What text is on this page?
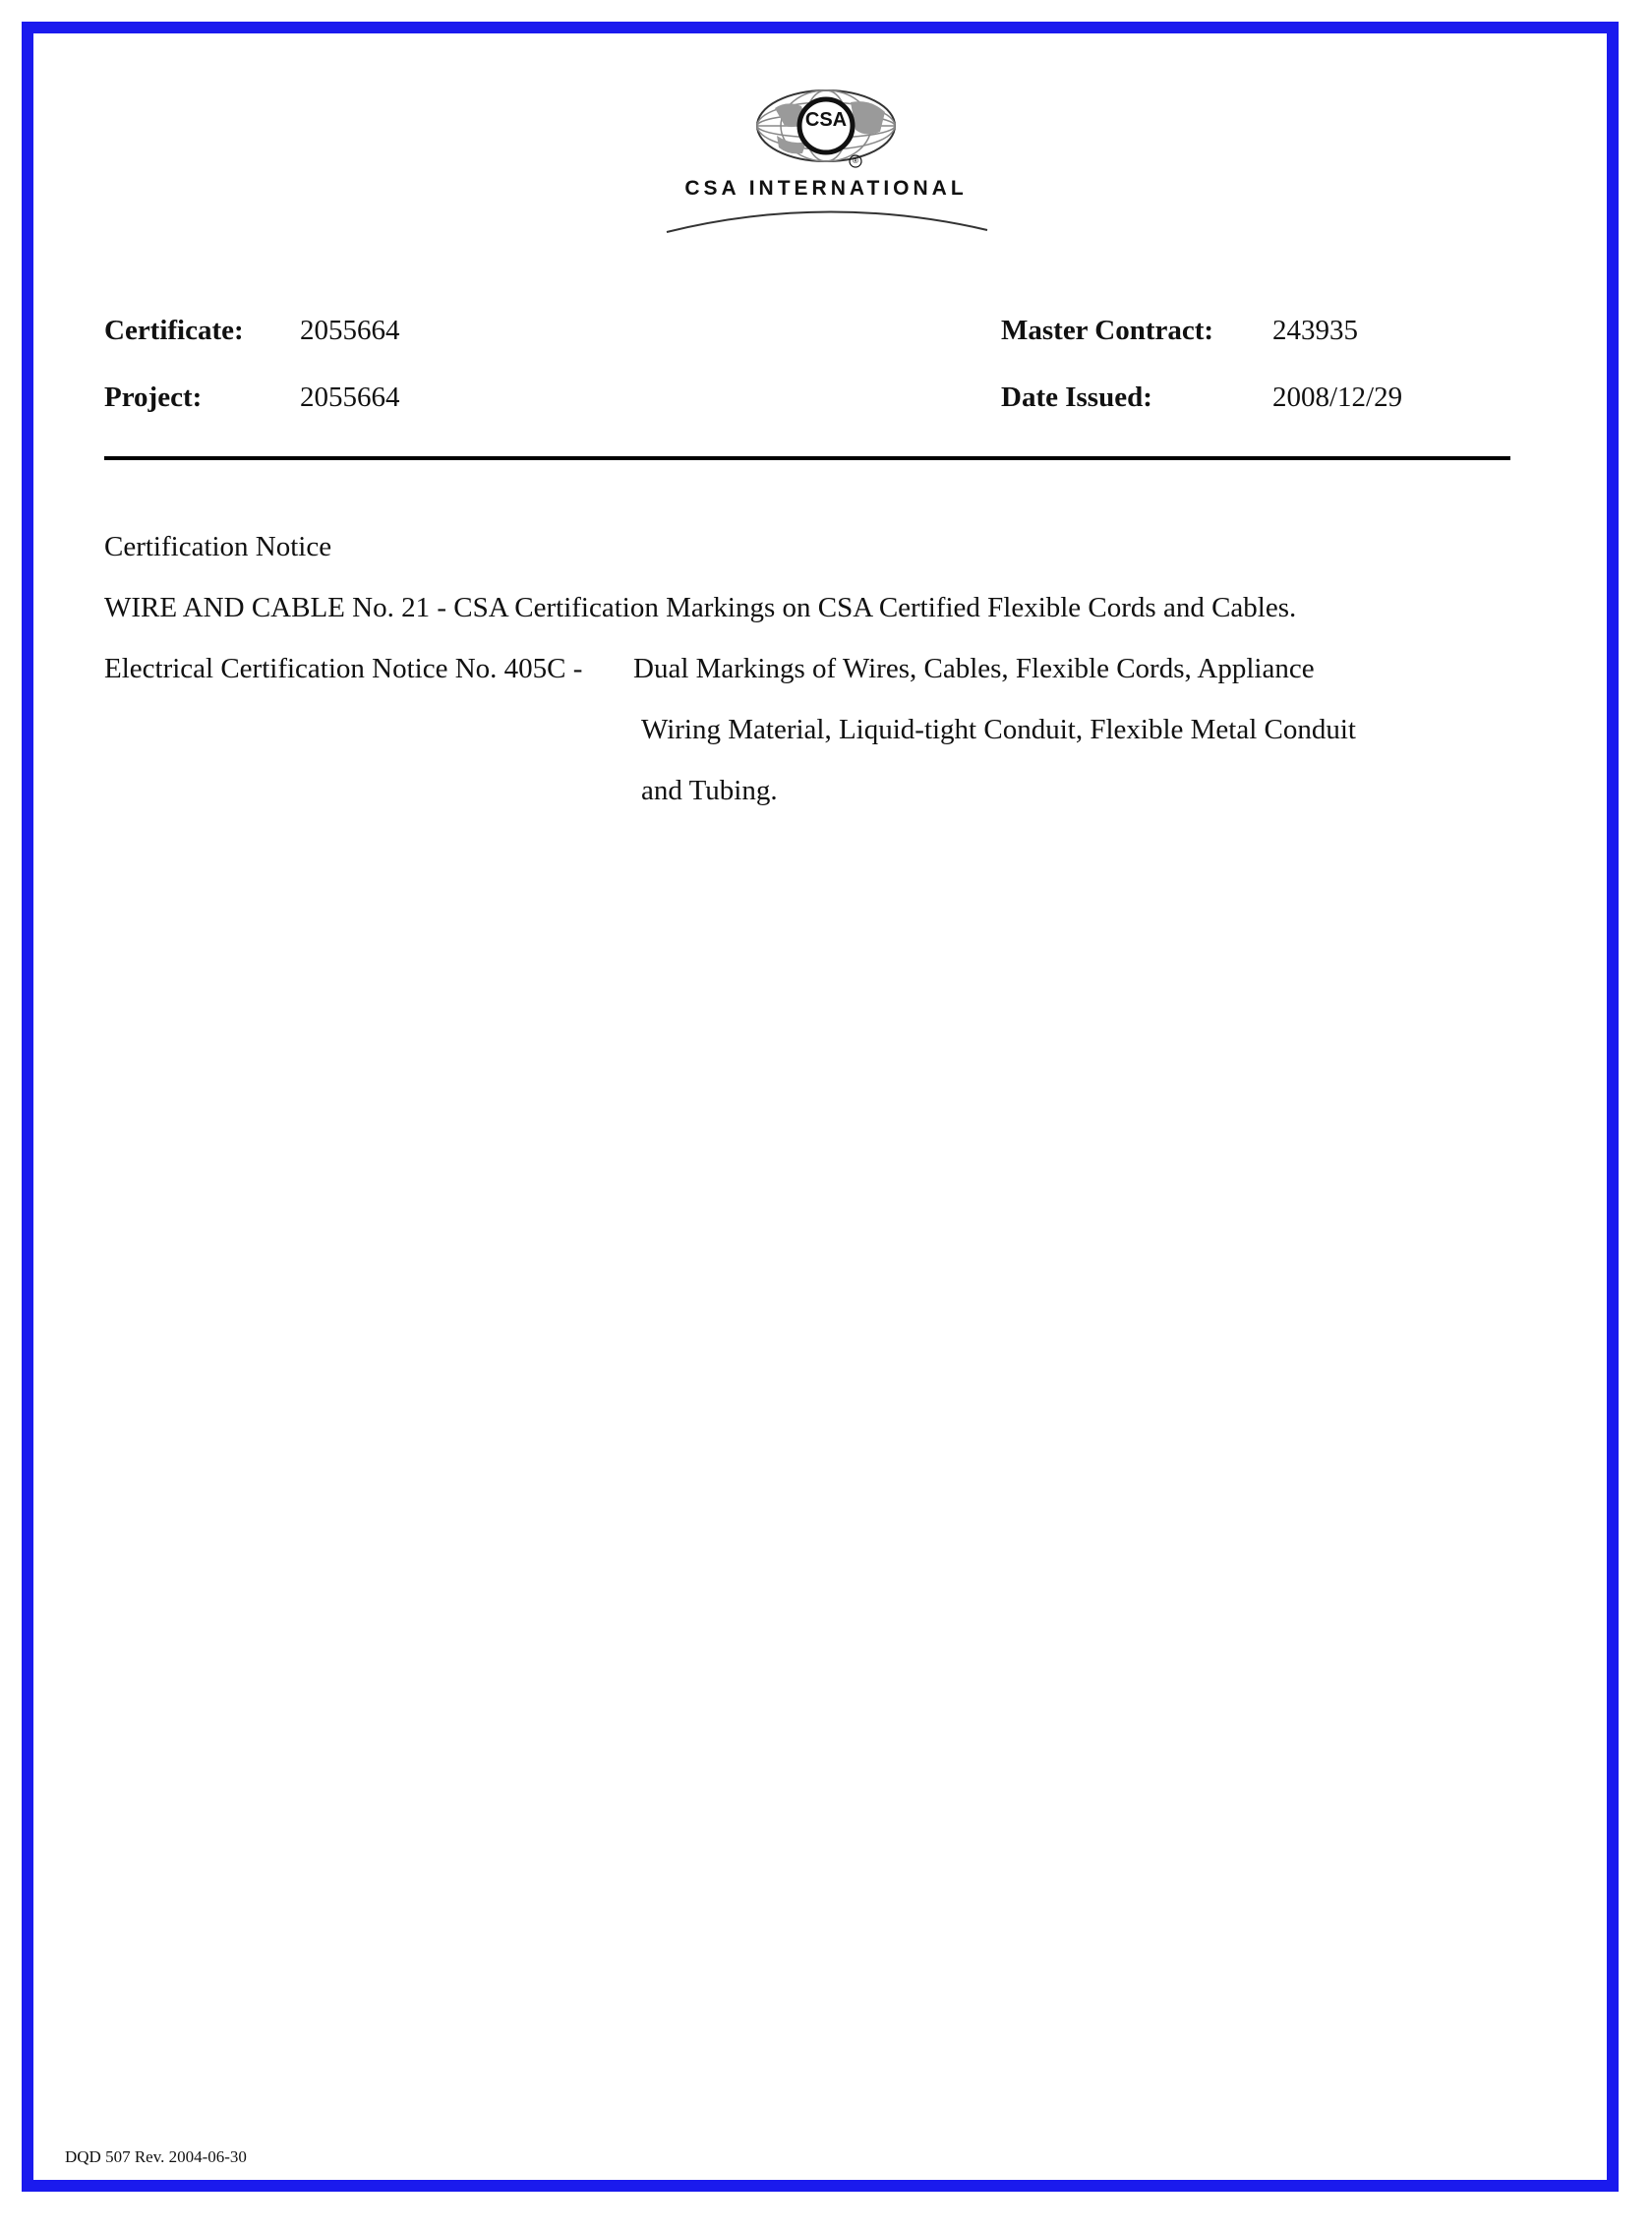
CSA
®
CSA INTERNATIONAL
Certificate: 2055664
Project:	2055664
Master Contract: 243935
Date Issued:	2008/12/29
Certification Notice
WIRE AND CABLE No. 21 - CSA Certification Markings on CSA Certified Flexible Cords and Cables.
Electrical Certification Notice No. 405C - Dual Markings of Wires, Cables, Flexible Cords, Appliance
Wiring Material, Liquid-tight Conduit, Flexible Metal Conduit
and Tubing.
DQD 507 Rev. 2004-06-30
